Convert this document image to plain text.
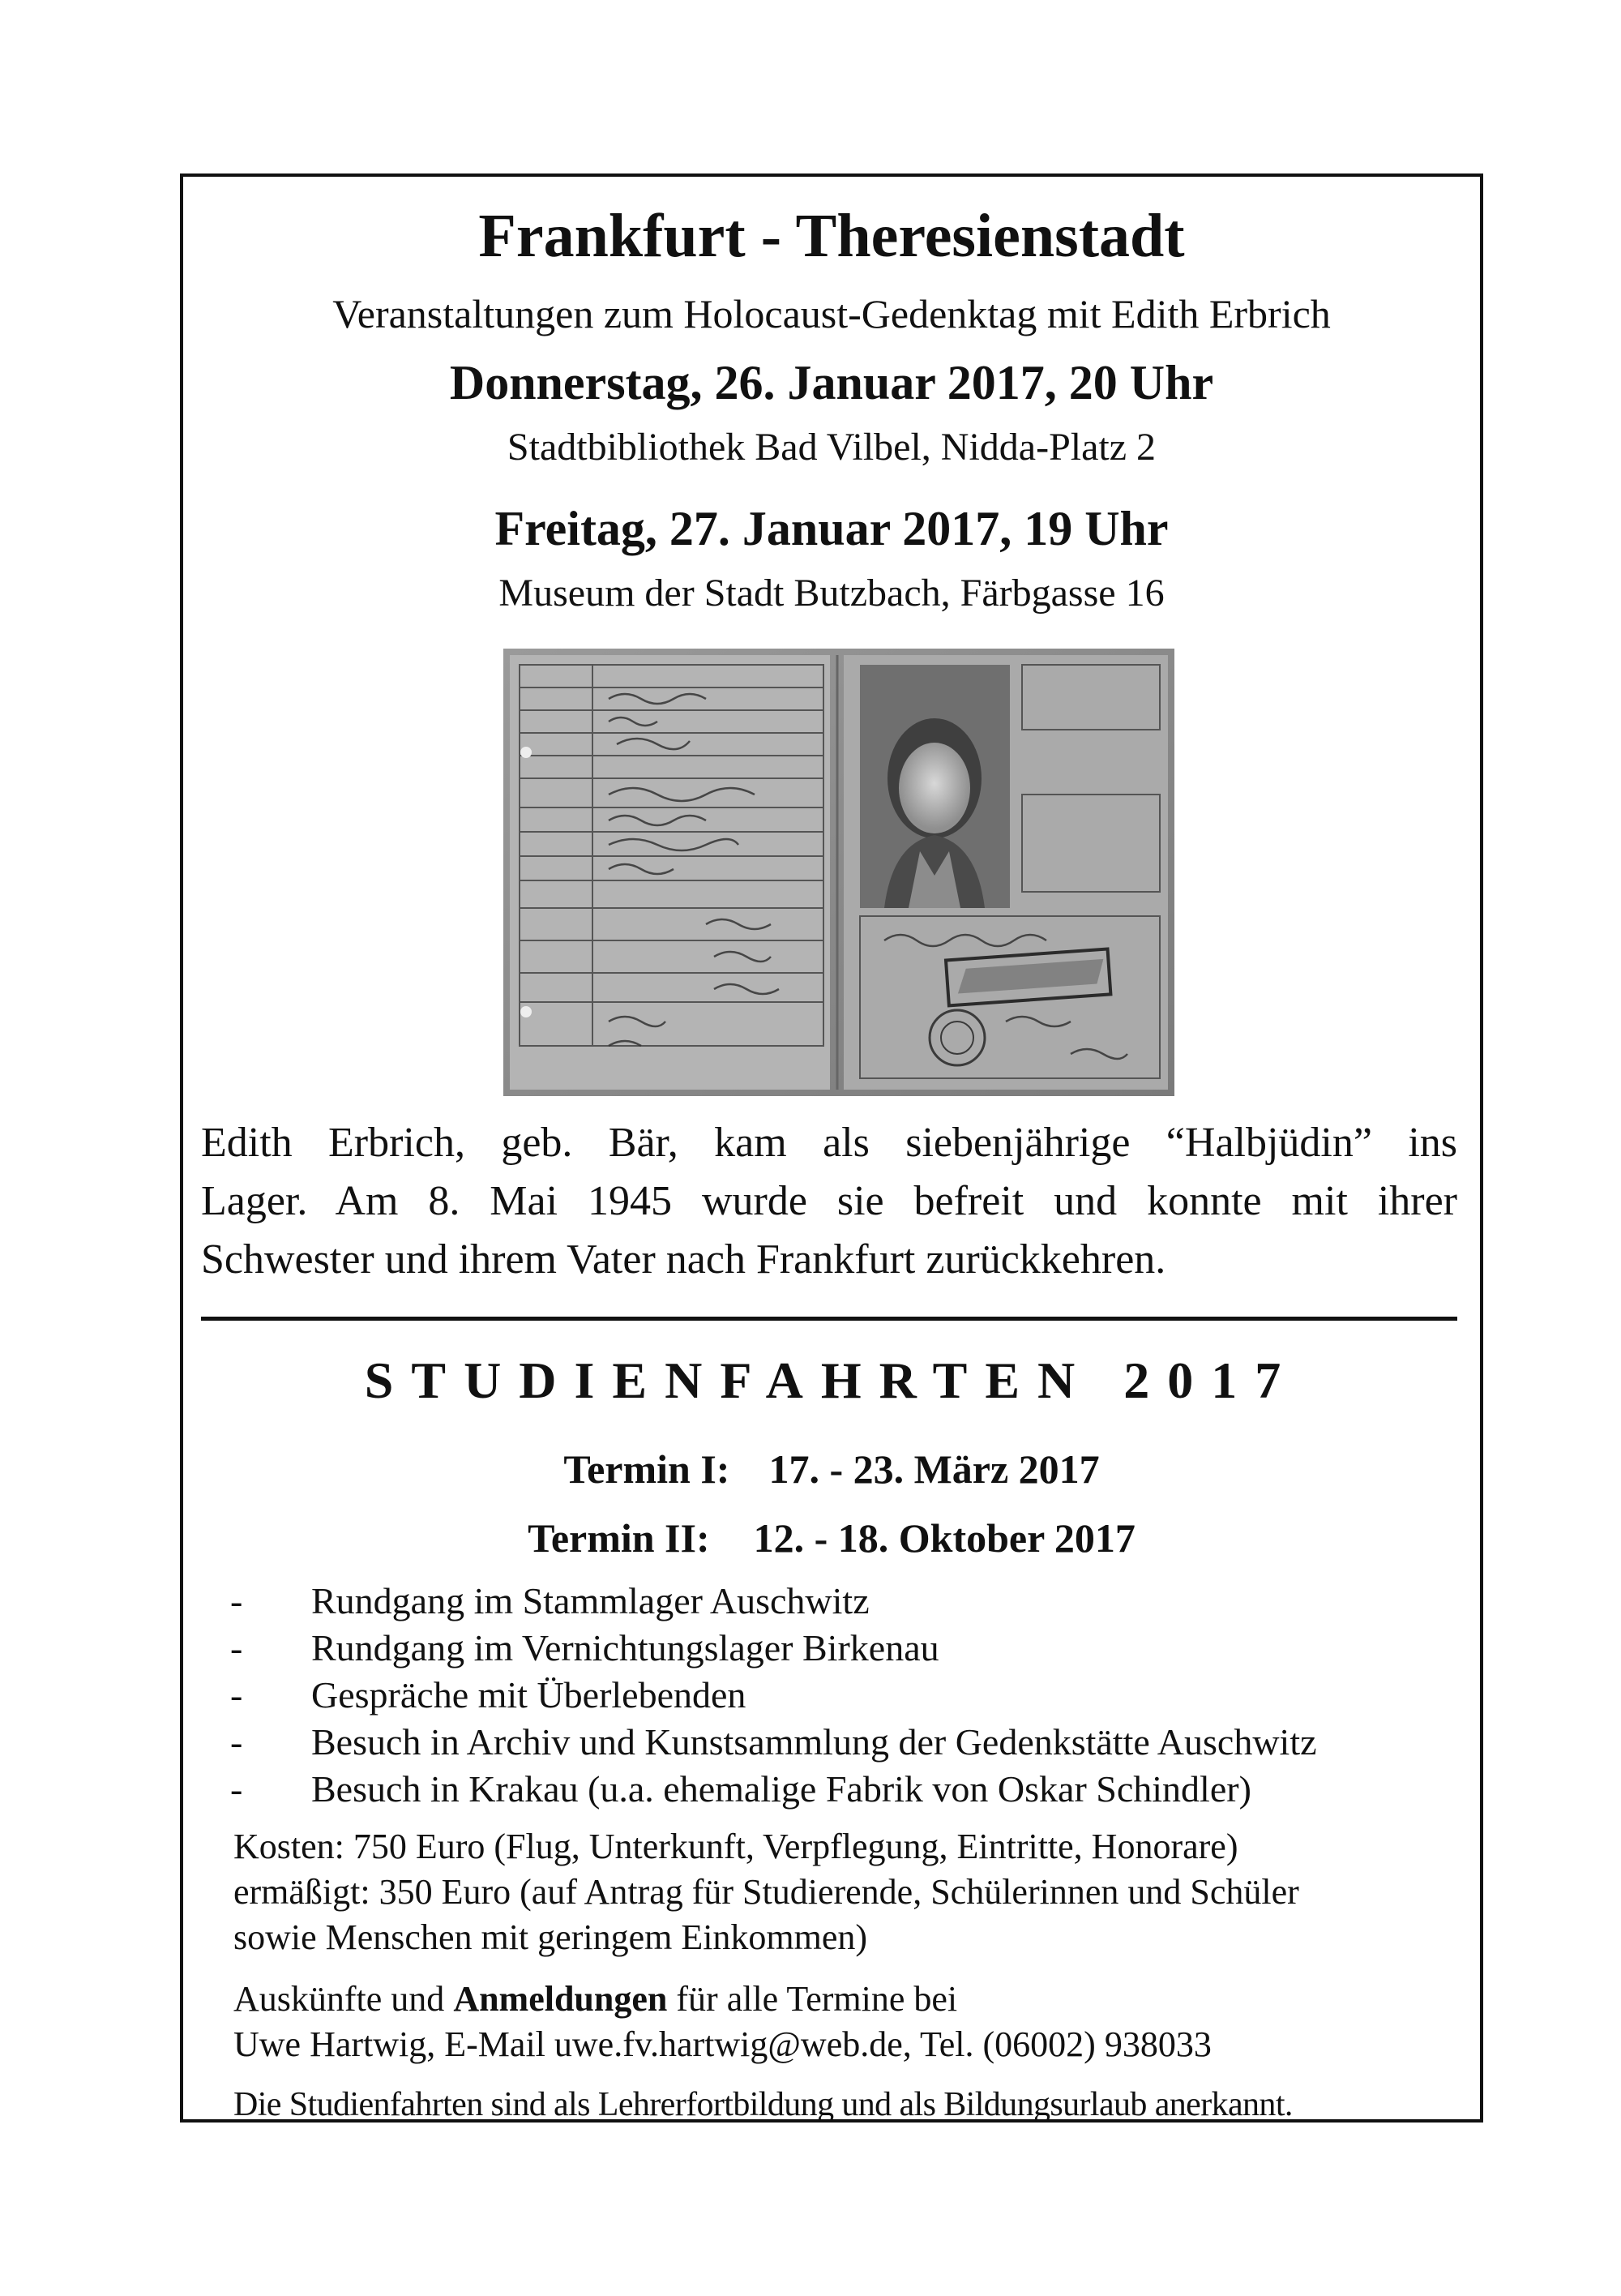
Frankfurt - Theresienstadt
Veranstaltungen zum Holocaust-Gedenktag mit Edith Erbrich
Donnerstag, 26. Januar 2017, 20 Uhr
Stadtbibliothek Bad Vilbel, Nidda-Platz 2
Freitag, 27. Januar 2017, 19 Uhr
Museum der Stadt Butzbach, Färbgasse 16
Edith Erbrich, geb. Bär, kam als siebenjährige “Halbjüdin” ins
Lager. Am 8. Mai 1945 wurde sie befreit und konnte mit ihrer
Schwester und ihrem Vater nach Frankfurt zurückkehren.
STUDIENFAHRTEN 2017
Termin I: 17. - 23. März 2017
Termin II: 12. - 18. Oktober 2017
- Rundgang im Stammlager Auschwitz
- Rundgang im Vernichtungslager Birkenau
- Gespräche mit Überlebenden
- Besuch in Archiv und Kunstsammlung der Gedenkstätte Auschwitz
- Besuch in Krakau (u.a. ehemalige Fabrik von Oskar Schindler)
Kosten: 750 Euro (Flug, Unterkunft, Verpflegung, Eintritte, Honorare)
ermäßigt: 350 Euro (auf Antrag für Studierende, Schülerinnen und Schüler
sowie Menschen mit geringem Einkommen)
Auskünfte und Anmeldungen für alle Termine bei
Uwe Hartwig, E-Mail uwe.fv.hartwig@web.de, Tel. (06002) 938033
Die Studienfahrten sind als Lehrerfortbildung und als Bildungsurlaub anerkannt.
